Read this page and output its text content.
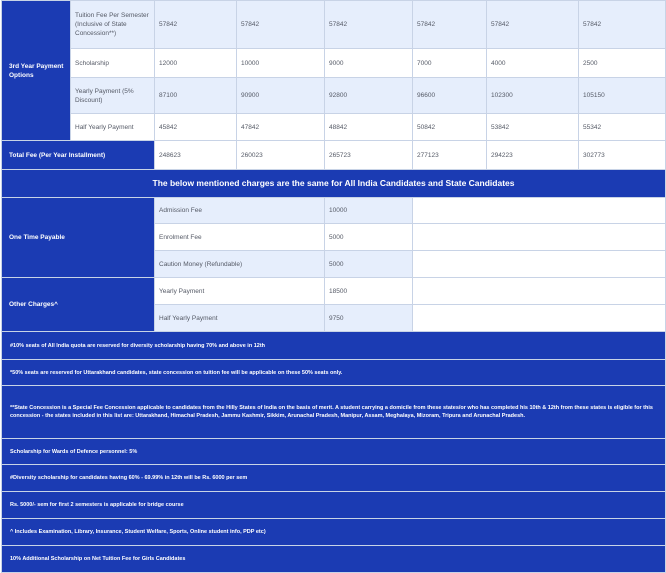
3rd Year Payment Options	Tuition Fee Per Semester (Inclusive of State Concession**)	57842	57842	57842	57842	57842	57842
	Scholarship	12000	10000	9000	7000	4000	2500
	Yearly Payment (5% Discount)	87100	90900	92800	96600	102300	105150
	Half Yearly Payment	45842	47842	48842	50842	53842	55342
Total Fee (Per Year Installment)		248623	260023	265723	277123	294223	302773
The below mentioned charges are the same for All India Candidates and State Candidates							
One Time Payable		Admission Fee		10000			
		Enrolment Fee		5000			
		Caution Money (Refundable)		5000			
Other Charges^		Yearly Payment		18500			
		Half Yearly Payment		9750			
#10% seats of All India quota are reserved for diversity scholarship having 70% and above in 12th							
*50% seats are reserved for Uttarakhand candidates, state concession on tuition fee will be applicable on these 50% seats only.							
**State Concession is a Special Fee Concession applicable to candidates from the Hilly States of India on the basis of merit. A student carrying a domicile from these states/or who has completed his 10th & 12th from these states is eligible for this concession - the states included in this list are: Uttarakhand, Himachal Pradesh, Jammu Kashmir, Sikkim, Arunachal Pradesh, Manipur, Assam, Meghalaya, Mizoram, Tripura and Arunachal Pradesh.							
Scholarship for Wards of Defence personnel: 5%							
#Diversity scholarship for candidates having 60% - 69.99% in 12th will be Rs. 6000 per sem							
Rs. 5000/- sem for first 2 semesters is applicable for bridge course							
^ Includes Examination, Library, Insurance, Student Welfare, Sports, Online student info, PDP etc)							
10% Additional Scholarship on Net Tuition Fee for Girls Candidates							
